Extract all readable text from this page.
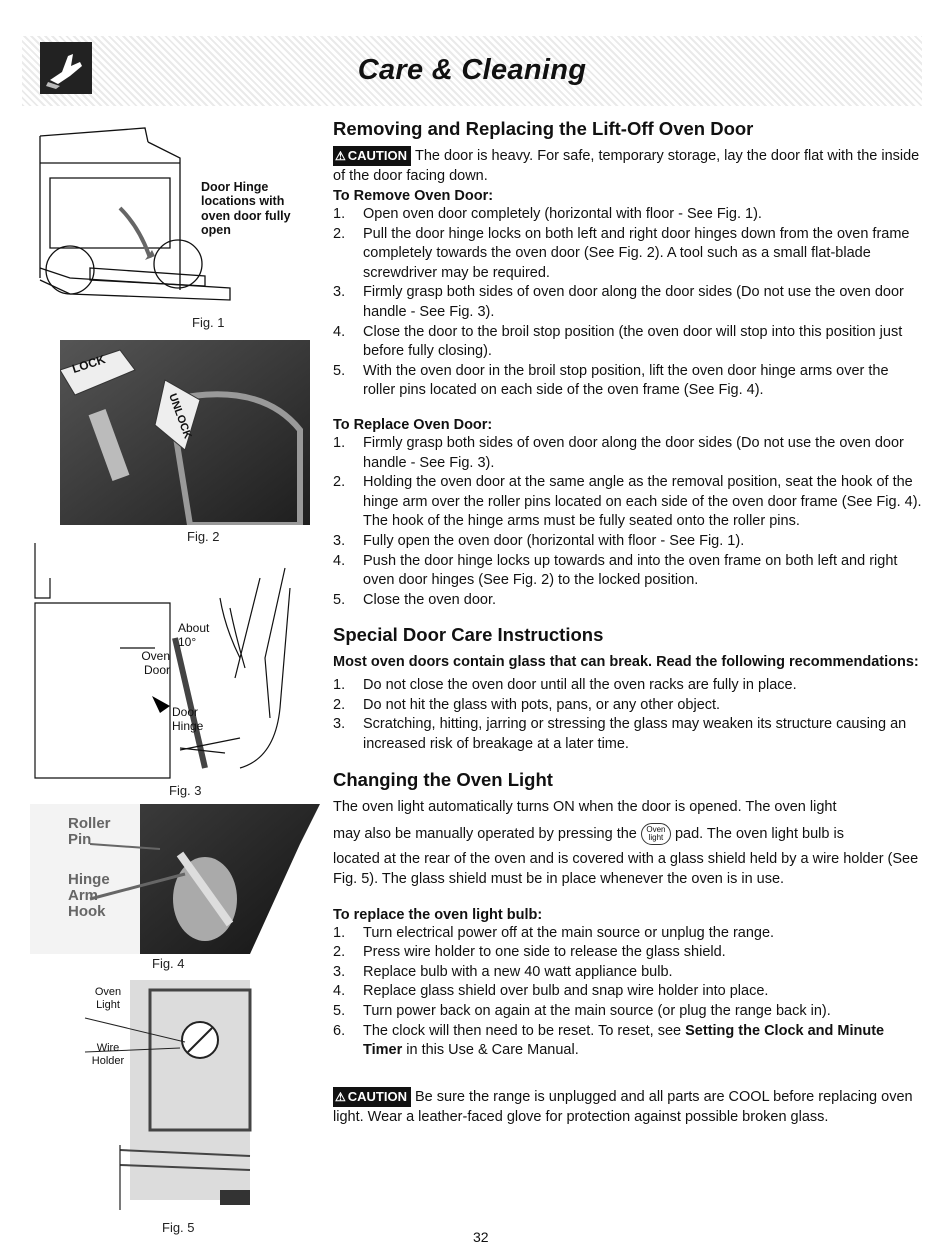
Care & Cleaning
Door Hinge locations with oven door fully open
Fig. 1
LOCK
UNLOCK
Fig. 2
About
10°
Oven Door
Door Hinge
Fig. 3
Roller Pin
Hinge Arm Hook
Fig. 4
Oven Light
Wire Holder
Fig. 5
Removing and Replacing the Lift-Off Oven Door
⚠ CAUTION The door is heavy. For safe, temporary storage, lay the door flat with the inside of the door facing down.
To Remove Oven Door:
1. Open oven door completely (horizontal with floor - See Fig. 1).
2. Pull the door hinge locks on both left and right door hinges down from the oven frame completely towards the oven door (See Fig. 2). A tool such as a small flat-blade screwdriver may be required.
3. Firmly grasp both sides of oven door along the door sides (Do not use the oven door handle - See Fig. 3).
4. Close the door to the broil stop position (the oven door will stop into this position just before fully closing).
5. With the oven door in the broil stop position, lift the oven door hinge arms over the roller pins located on each side of the oven frame (See Fig. 4).
To Replace Oven Door:
1. Firmly grasp both sides of oven door along the door sides (Do not use the oven door handle - See Fig. 3).
2. Holding the oven door at the same angle as the removal position, seat the hook of the hinge arm over the roller pins located on each side of the oven door frame (See Fig. 4). The hook of the hinge arms must be fully seated onto the roller pins.
3. Fully open the oven door (horizontal with floor - See Fig. 1).
4. Push the door hinge locks up towards and into the oven frame on both left and right oven door hinges (See Fig. 2) to the locked position.
5. Close the oven door.
Special Door Care Instructions

Most oven doors contain glass that can break. Read the following recommendations:

1. Do not close the oven door until all the oven racks are fully in place.
2. Do not hit the glass with pots, pans, or any other object.
3. Scratching, hitting, jarring or stressing the glass may weaken its structure causing an increased risk of breakage at a later time.
Changing the Oven Light

The oven light automatically turns ON when the door is opened. The oven light

may also be manually operated by pressing the Oven
light pad. The oven light bulb is

located at the rear of the oven and is covered with a glass shield held by a wire holder (See Fig. 5). The glass shield must be in place whenever the oven is in use.

To replace the oven light bulb:
1. Turn electrical power off at the main source or unplug the range.
2. Press wire holder to one side to release the glass shield.
3. Replace bulb with a new 40 watt appliance bulb.
4. Replace glass shield over bulb and snap wire holder into place.
5. Turn power back on again at the main source (or plug the range back in).
6. The clock will then need to be reset. To reset, see Setting the Clock and Minute Timer in this Use & Care Manual.
⚠ CAUTION Be sure the range is unplugged and all parts are COOL before replacing oven light. Wear a leather-faced glove for protection against possible broken glass.
32
